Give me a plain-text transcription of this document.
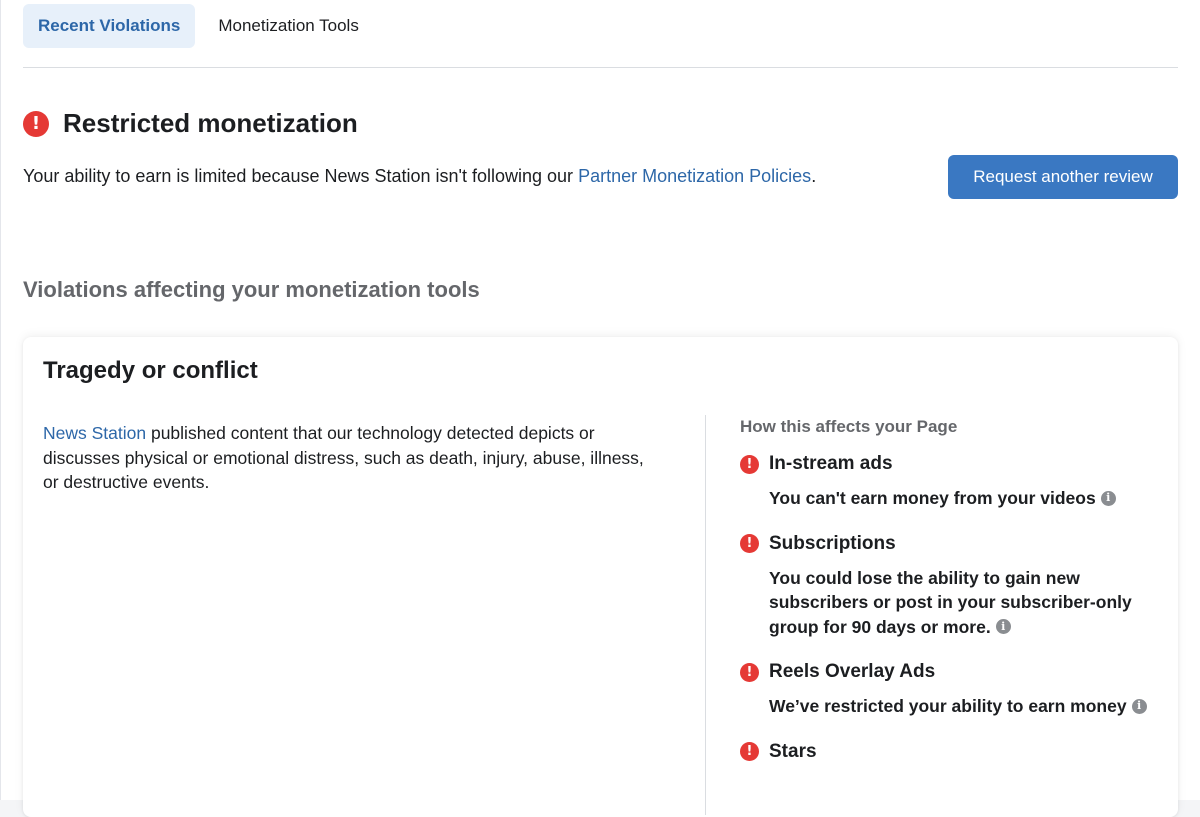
Recent Violations	Monetization Tools
! Restricted monetization
Your ability to earn is limited because News Station isn't following our Partner Monetization Policies.	Request another review
Violations affecting your monetization tools
Tragedy or conflict
News Station published content that our technology detected depicts or discusses physical or emotional distress, such as death, injury, abuse, illness, or destructive events.
How this affects your Page
! In-stream ads
You can't earn money from your videos i
! Subscriptions
You could lose the ability to gain new subscribers or post in your subscriber-only group for 90 days or more. i
! Reels Overlay Ads
We’ve restricted your ability to earn money i
! Stars
